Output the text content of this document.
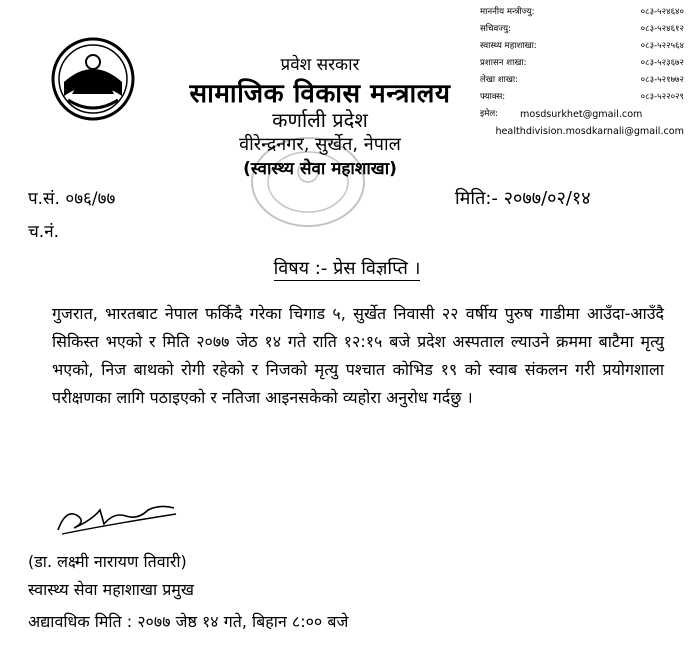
प्रवेश सरकार
सामाजिक विकास मन्त्रालय
कर्णाली प्रदेश
वीरेन्द्रनगर, सुर्खेत, नेपाल
(स्वास्थ्य सेवा महाशाखा)
माननीय मन्त्रीज्यु:	०८३-५२४६४०
सचिवज्यु:	०८३-५२४६१२
स्वास्थ्य महाशाखा:	०८३-५२२५६४
प्रशासन शाखा:	०८३-५२३६७२
लेखा शाखा:	०८३-५२१७७२
फ्याक्स:	०८३-५२२०२९
इमेल:	mosdsurkhet@gmail.com
healthdivision.mosdkarnali@gmail.com
प.सं. ०७६/७७
च.नं.
मिति:- २०७७/०२/१४
विषय :- प्रेस विज्ञप्ति ।
गुजरात, भारतबाट नेपाल फर्किदै गरेका चिगाड ५, सुर्खेत निवासी २२ वर्षीय पुरुष गाडीमा आउँदा-आउँदै सिकिस्त भएको र मिति २०७७ जेठ १४ गते राति १२:१५ बजे प्रदेश अस्पताल ल्याउने क्रममा बाटैमा मृत्यु भएको, निज बाथको रोगी रहेको र निजको मृत्यु पश्चात कोभिड १९ को स्वाब संकलन गरी प्रयोगशाला परीक्षणका लागि पठाइएको र नतिजा आइनसकेको व्यहोरा अनुरोध गर्दछु ।
(डा. लक्ष्मी नारायण तिवारी)
स्वास्थ्य सेवा महाशाखा प्रमुख
अद्यावधिक मिति : २०७७ जेष्ठ १४ गते, बिहान ८:०० बजे
